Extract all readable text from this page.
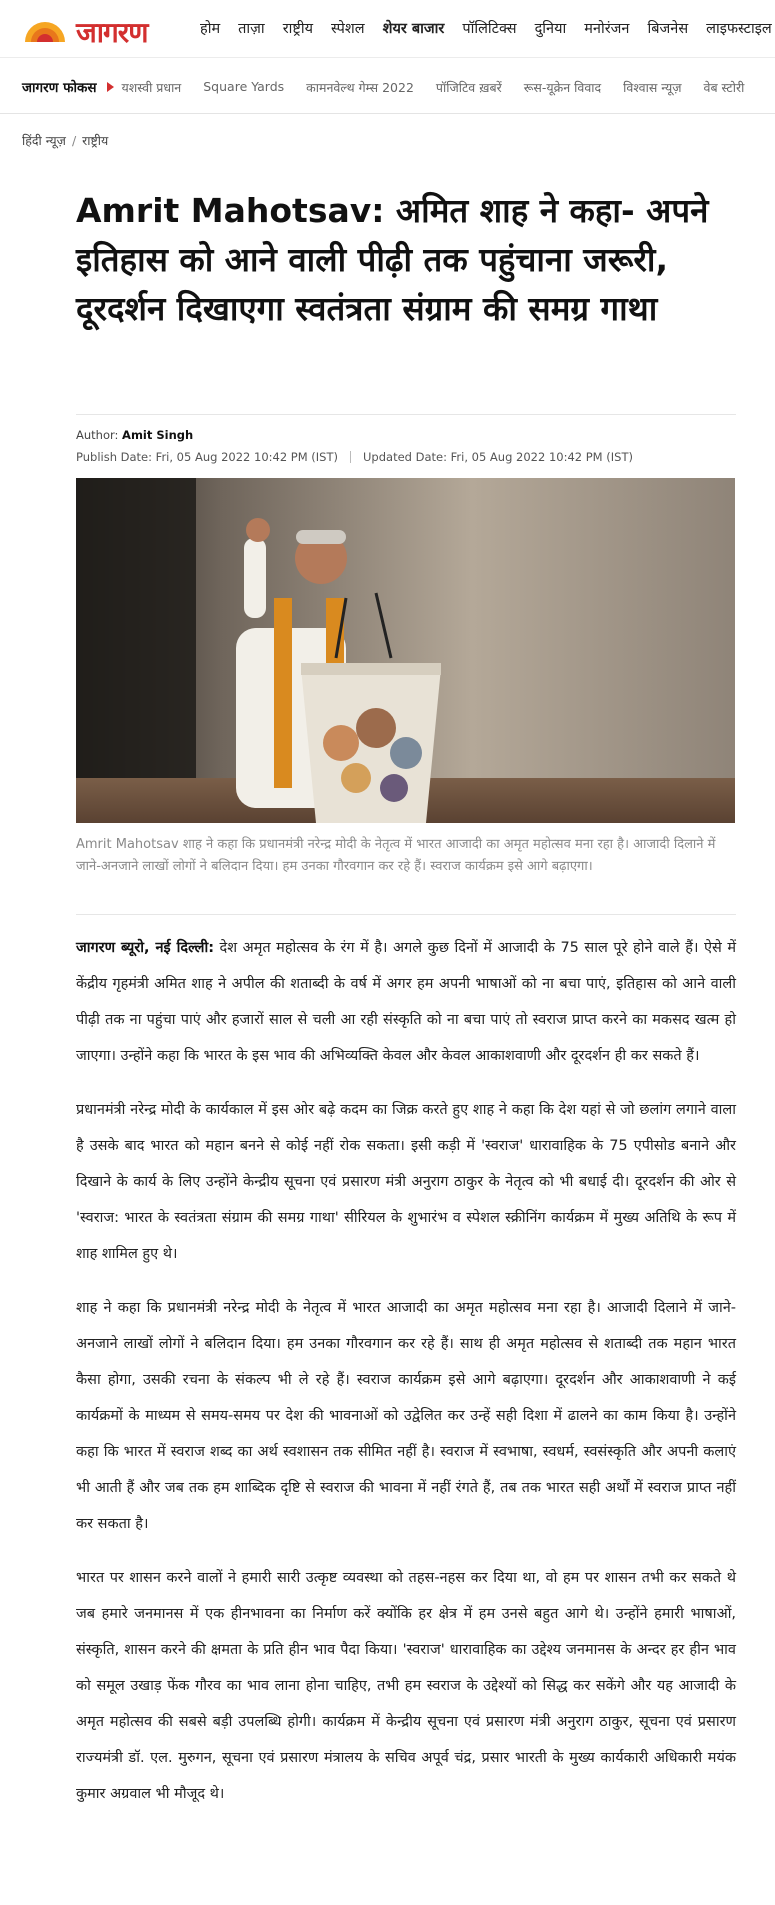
जागरण	होम ताज़ा राष्ट्रीय स्पेशल शेयर बाजार पॉलिटिक्स दुनिया मनोरंजन बिजनेस लाइफस्टाइल
जागरण फोकस यशस्वी प्रधान Square Yards कामनवेल्थ गेम्स 2022 पॉजिटिव ख़बरें रूस-यूक्रेन विवाद विश्वास न्यूज़ वेब स्टोरी
हिंदी न्यूज़ / राष्ट्रीय
Amrit Mahotsav: अमित शाह ने कहा- अपने इतिहास को आने वाली पीढ़ी तक पहुंचाना जरूरी, दूरदर्शन दिखाएगा स्वतंत्रता संग्राम की समग्र गाथा
Author: Amit Singh
Publish Date: Fri, 05 Aug 2022 10:42 PM (IST) Updated Date: Fri, 05 Aug 2022 10:42 PM (IST)

Amrit Mahotsav शाह ने कहा कि प्रधानमंत्री नरेन्द्र मोदी के नेतृत्व में भारत आजादी का अमृत महोत्सव मना रहा है। आजादी दिलाने में जाने-अनजाने लाखों लोगों ने बलिदान दिया। हम उनका गौरवगान कर रहे हैं। स्वराज कार्यक्रम इसे आगे बढ़ाएगा।

जागरण ब्यूरो, नई दिल्ली: देश अमृत महोत्सव के रंग में है। अगले कुछ दिनों में आजादी के 75 साल पूरे होने वाले हैं। ऐसे में केंद्रीय गृहमंत्री अमित शाह ने अपील की शताब्दी के वर्ष में अगर हम अपनी भाषाओं को ना बचा पाएं, इतिहास को आने वाली पीढ़ी तक ना पहुंचा पाएं और हजारों साल से चली आ रही संस्कृति को ना बचा पाएं तो स्वराज प्राप्त करने का मकसद खत्म हो जाएगा। उन्होंने कहा कि भारत के इस भाव की अभिव्यक्ति केवल और केवल आकाशवाणी और दूरदर्शन ही कर सकते हैं।

प्रधानमंत्री नरेन्द्र मोदी के कार्यकाल में इस ओर बढ़े कदम का जिक्र करते हुए शाह ने कहा कि देश यहां से जो छलांग लगाने वाला है उसके बाद भारत को महान बनने से कोई नहीं रोक सकता। इसी कड़ी में 'स्वराज' धारावाहिक के 75 एपीसोड बनाने और दिखाने के कार्य के लिए उन्होंने केन्द्रीय सूचना एवं प्रसारण मंत्री अनुराग ठाकुर के नेतृत्व को भी बधाई दी। दूरदर्शन की ओर से 'स्वराज: भारत के स्वतंत्रता संग्राम की समग्र गाथा' सीरियल के शुभारंभ व स्पेशल स्क्रीनिंग कार्यक्रम में मुख्य अतिथि के रूप में शाह शामिल हुए थे।

शाह ने कहा कि प्रधानमंत्री नरेन्द्र मोदी के नेतृत्व में भारत आजादी का अमृत महोत्सव मना रहा है। आजादी दिलाने में जाने-अनजाने लाखों लोगों ने बलिदान दिया। हम उनका गौरवगान कर रहे हैं। साथ ही अमृत महोत्सव से शताब्दी तक महान भारत कैसा होगा, उसकी रचना के संकल्प भी ले रहे हैं। स्वराज कार्यक्रम इसे आगे बढ़ाएगा। दूरदर्शन और आकाशवाणी ने कई कार्यक्रमों के माध्यम से समय-समय पर देश की भावनाओं को उद्वेलित कर उन्हें सही दिशा में ढालने का काम किया है। उन्होंने कहा कि भारत में स्वराज शब्द का अर्थ स्वशासन तक सीमित नहीं है। स्वराज में स्वभाषा, स्वधर्म, स्वसंस्कृति और अपनी कलाएं भी आती हैं और जब तक हम शाब्दिक दृष्टि से स्वराज की भावना में नहीं रंगते हैं, तब तक भारत सही अर्थों में स्वराज प्राप्त नहीं कर सकता है।

भारत पर शासन करने वालों ने हमारी सारी उत्कृष्ट व्यवस्था को तहस-नहस कर दिया था, वो हम पर शासन तभी कर सकते थे जब हमारे जनमानस में एक हीनभावना का निर्माण करें क्योंकि हर क्षेत्र में हम उनसे बहुत आगे थे। उन्होंने हमारी भाषाओं, संस्कृति, शासन करने की क्षमता के प्रति हीन भाव पैदा किया। 'स्वराज' धारावाहिक का उद्देश्य जनमानस के अन्दर हर हीन भाव को समूल उखाड़ फेंक गौरव का भाव लाना होना चाहिए, तभी हम स्वराज के उद्देश्यों को सिद्ध कर सकेंगे और यह आजादी के अमृत महोत्सव की सबसे बड़ी उपलब्धि होगी। कार्यक्रम में केन्द्रीय सूचना एवं प्रसारण मंत्री अनुराग ठाकुर, सूचना एवं प्रसारण राज्यमंत्री डॉ. एल. मुरुगन, सूचना एवं प्रसारण मंत्रालय के सचिव अपूर्व चंद्र, प्रसार भारती के मुख्य कार्यकारी अधिकारी मयंक कुमार अग्रवाल भी मौजूद थे।
